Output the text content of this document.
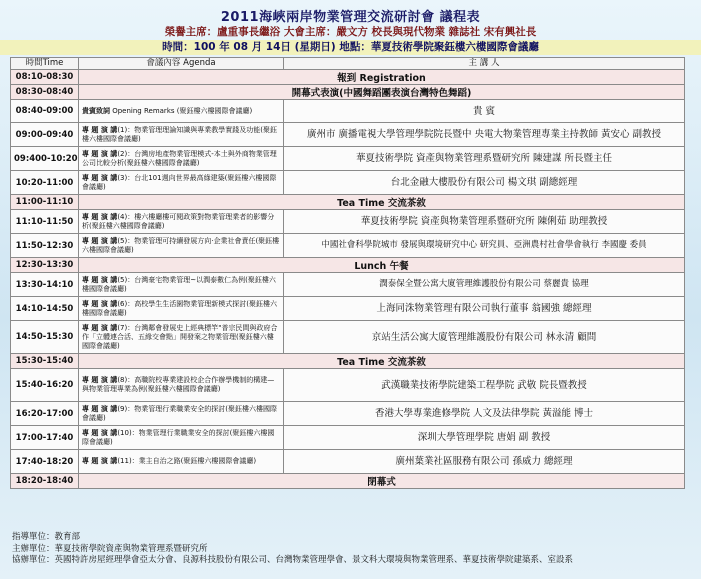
2011海峽兩岸物業管理交流研討會 議程表
榮譽主席：盧重事長繼浴 大會主席：嚴文方 校長與現代物業 雜誌社 宋有興社長
時間：100 年 08 月 14日 (星期日) 地點：華夏技術學院聚鈺樓六樓國際會議廳
時間Time	會議內容 Agenda	主 講 人
08:10-08:30	報到 Registration	
08:30-08:40	開幕式表演(中國舞蹈團表演台灣特色舞蹈)	
08:40-09:00	貴賓致詞 Opening Remarks (聚鈺樓六樓國際會議廳)	貴 賓
09:00-09:40	專 題 演 講(1)：物業管理理論知識與專業教學實踐及功能(聚鈺樓六樓國際會議廳)	廣州市 廣播電視大學管理學院院長暨中 央電大物業管理專業主持教師 黃安心 副教授
09:400-10:20	專 題 演 講(2)：台灣房地產物業管理模式-本土與外商物業管理公司比較分析(聚鈺樓六樓國際會議廳)	華夏技術學院 資產與物業管理系暨研究所 陳建謀 所長暨主任
10:20-11:00	專 題 演 講(3)：台北101週向世界最高綠建築(聚鈺樓六樓國際會議廳)	台北金融大樓股份有限公司 楊文琪 副總經理
11:00-11:10	Tea Time 交流茶敘	
11:10-11:50	專 題 演 講(4)：樓六樓廳樓可閱政策對物業管理業者的影響分析(聚鈺樓六樓國際會議廳)	華夏技術學院 資產與物業管理系暨研究所 陳俐茹 助理教授
11:50-12:30	專 題 演 講(5)：物業管理可持續發展方向·企業社會責任(聚鈺樓六樓國際會議廳)	中國社會科學院城市 發展與環境研究中心 研究員、亞洲農村社會學會執行 李國慶 委員
12:30-13:30	Lunch 午餐	
13:30-14:10	專 題 演 講(5)：台灣豪宅物業管理~以潤泰數仁為例(聚鈺樓六樓國際會議廳)	潤泰保全暨公寓大廈管理維護股份有限公司 蔡麗貴 協理
14:10-14:50	專 題 演 講(6)：高校學生生活園物業管理新模式探討(聚鈺樓六樓國際會議廳)	上海同洙物業管理有限公司執行董事 翁國強 總經理
14:50-15:30	專 題 演 講(7)：台灣鄰會發展史上經典標竿"普宗民間與政府合作「立體連合活、五緣交會點」開發案之物業管理(聚鈺樓六樓國際會議廳)	京站生活公寓大廈管理維護股份有限公司 林永清 顧問
15:30-15:40	Tea Time 交流茶敘	
15:40-16:20	專 題 演 講(8)：高職院校專業建設校企合作辦學機制的構建—與物業管理專業為例(聚鈺樓六樓國際會議廳)	武漢職業技術學院建築工程學院 武敬 院長暨教授
16:20-17:00	專 題 演 講(9)：物業管理行業職業安全的探討(聚鈺樓六樓國際會議廳)	香港大學專業進修學院 人文及法律學院 黃溢能 博士
17:00-17:40	專 題 演 講(10)：物業管理行業職業安全的探討(聚鈺樓六樓國際會議廳)	深圳大學管理學院 唐娟 副 教授
17:40-18:20	專 題 演 講(11)：業主自治之路(聚鈺樓六樓國際會議廳)	廣州葉業社區服務有限公司 孫威力 總經理
18:20-18:40	閉幕式	
指導單位：教育部
主辦單位：華夏技術學院資產與物業管理系暨研究所
協辦單位：英國特許房屋經理學會亞太分會、良源科技股份有限公司、台灣物業管理學會、景文科大環境與物業管理系、華夏技術學院建築系、室設系
